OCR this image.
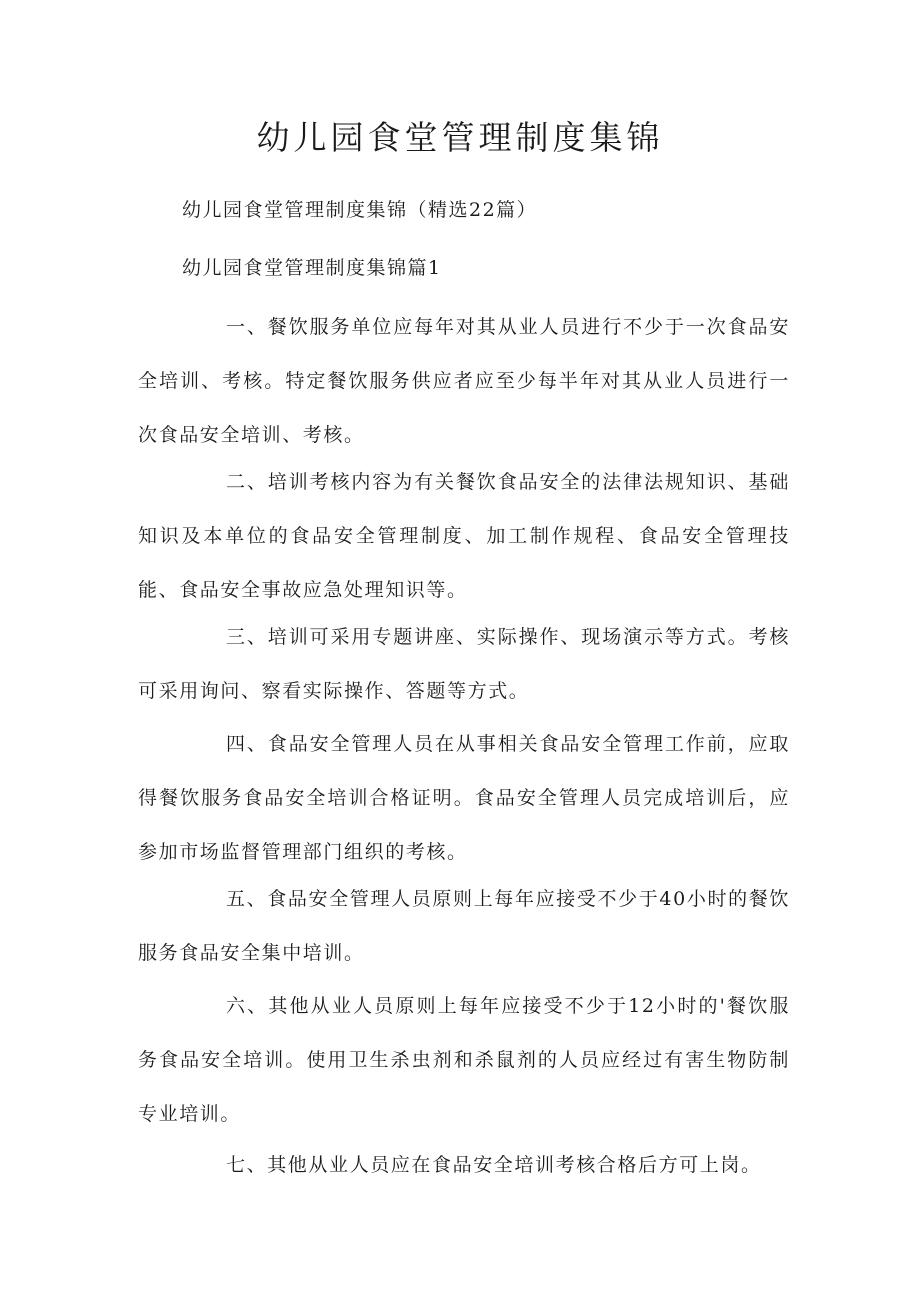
幼儿园食堂管理制度集锦
幼儿园食堂管理制度集锦（精选22篇）
幼儿园食堂管理制度集锦篇1

一、餐饮服务单位应每年对其从业人员进行不少于一次食品安全培训、考核。特定餐饮服务供应者应至少每半年对其从业人员进行一次食品安全培训、考核。

二、培训考核内容为有关餐饮食品安全的法律法规知识、基础知识及本单位的食品安全管理制度、加工制作规程、食品安全管理技能、食品安全事故应急处理知识等。

三、培训可采用专题讲座、实际操作、现场演示等方式。考核可采用询问、察看实际操作、答题等方式。

四、食品安全管理人员在从事相关食品安全管理工作前，应取得餐饮服务食品安全培训合格证明。食品安全管理人员完成培训后，应参加市场监督管理部门组织的考核。

五、食品安全管理人员原则上每年应接受不少于40小时的餐饮服务食品安全集中培训。

六、其他从业人员原则上每年应接受不少于12小时的'餐饮服务食品安全培训。使用卫生杀虫剂和杀鼠剂的人员应经过有害生物防制专业培训。

七、其他从业人员应在食品安全培训考核合格后方可上岗。
